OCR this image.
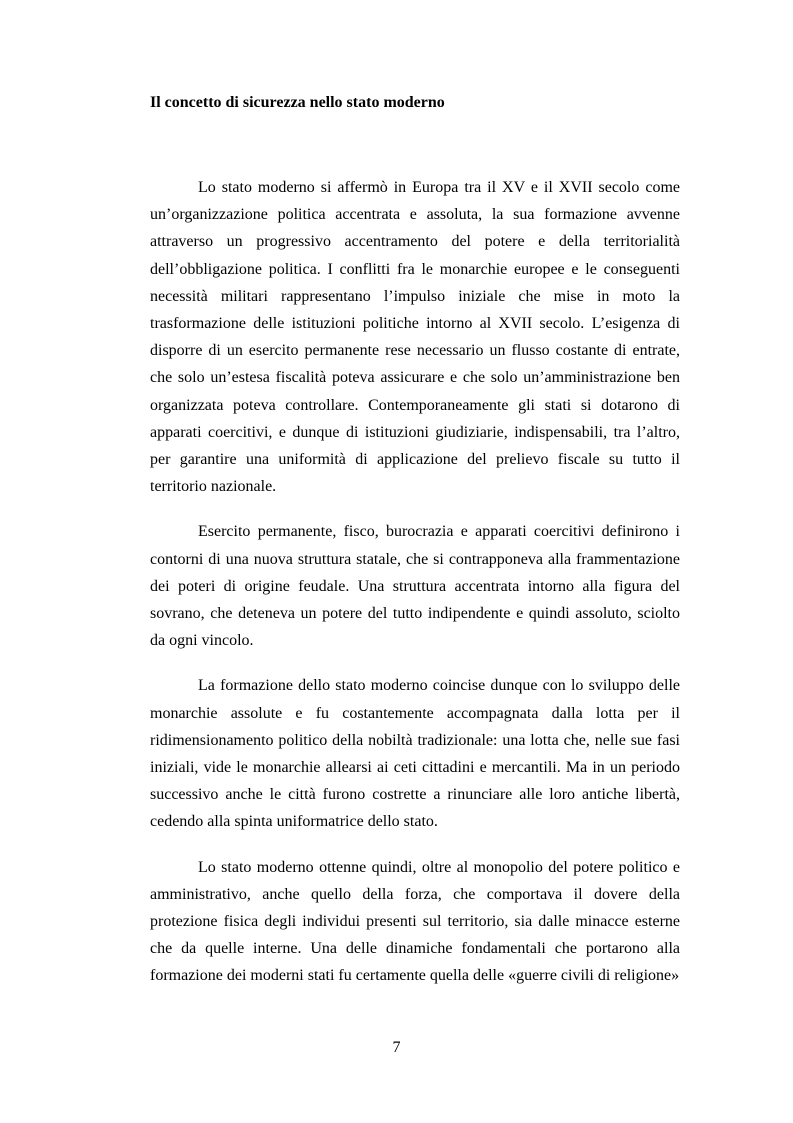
Il concetto di sicurezza nello stato moderno

Lo stato moderno si affermò in Europa tra il XV e il XVII secolo come un’organizzazione politica accentrata e assoluta, la sua formazione avvenne attraverso un progressivo accentramento del potere e della territorialità dell’obbligazione politica. I conflitti fra le monarchie europee e le conseguenti necessità militari rappresentano l’impulso iniziale che mise in moto la trasformazione delle istituzioni politiche intorno al XVII secolo. L’esigenza di disporre di un esercito permanente rese necessario un flusso costante di entrate, che solo un’estesa fiscalità poteva assicurare e che solo un’amministrazione ben organizzata poteva controllare. Contemporaneamente gli stati si dotarono di apparati coercitivi, e dunque di istituzioni giudiziarie, indispensabili, tra l’altro, per garantire una uniformità di applicazione del prelievo fiscale su tutto il territorio nazionale.

Esercito permanente, fisco, burocrazia e apparati coercitivi definirono i contorni di una nuova struttura statale, che si contrapponeva alla frammentazione dei poteri di origine feudale. Una struttura accentrata intorno alla figura del sovrano, che deteneva un potere del tutto indipendente e quindi assoluto, sciolto da ogni vincolo.

La formazione dello stato moderno coincise dunque con lo sviluppo delle monarchie assolute e fu costantemente accompagnata dalla lotta per il ridimensionamento politico della nobiltà tradizionale: una lotta che, nelle sue fasi iniziali, vide le monarchie allearsi ai ceti cittadini e mercantili. Ma in un periodo successivo anche le città furono costrette a rinunciare alle loro antiche libertà, cedendo alla spinta uniformatrice dello stato.

Lo stato moderno ottenne quindi, oltre al monopolio del potere politico e amministrativo, anche quello della forza, che comportava il dovere della protezione fisica degli individui presenti sul territorio, sia dalle minacce esterne che da quelle interne. Una delle dinamiche fondamentali che portarono alla formazione dei moderni stati fu certamente quella delle «guerre civili di religione»

7
